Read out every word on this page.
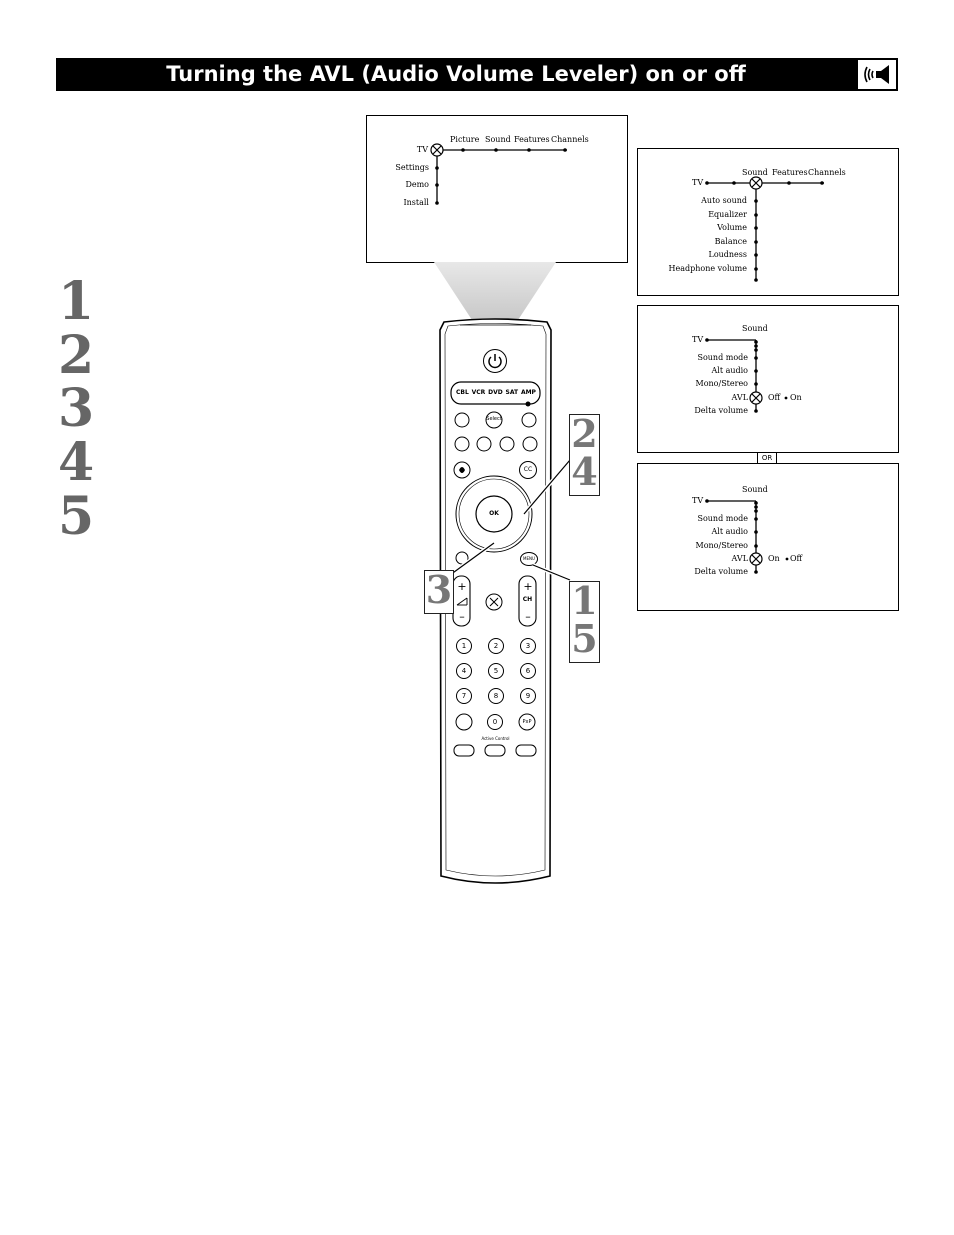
Turning the AVL (Audio Volume Leveler) on or off
1
2
3
4
5
TV
Picture Sound Features Channels
Settings
Demo
Install
TV
Sound Features Channels
Auto sound
Equalizer
Volume
Balance
Loudness
Headphone volume
TV
Sound
Sound mode
Alt audio
Mono/Stereo
AVL
Delta volume
Off On
OR
TV
Sound
Sound mode
Alt audio
Mono/Stereo
AVL
Delta volume
On Off
+
–
+
–
CBL VCR DVD SAT AMP
Select
CC
OK
MENU
CH
1	2	3
4	5	6
7	8	9
0	PxP
Active Control
2
4
3	1
5
